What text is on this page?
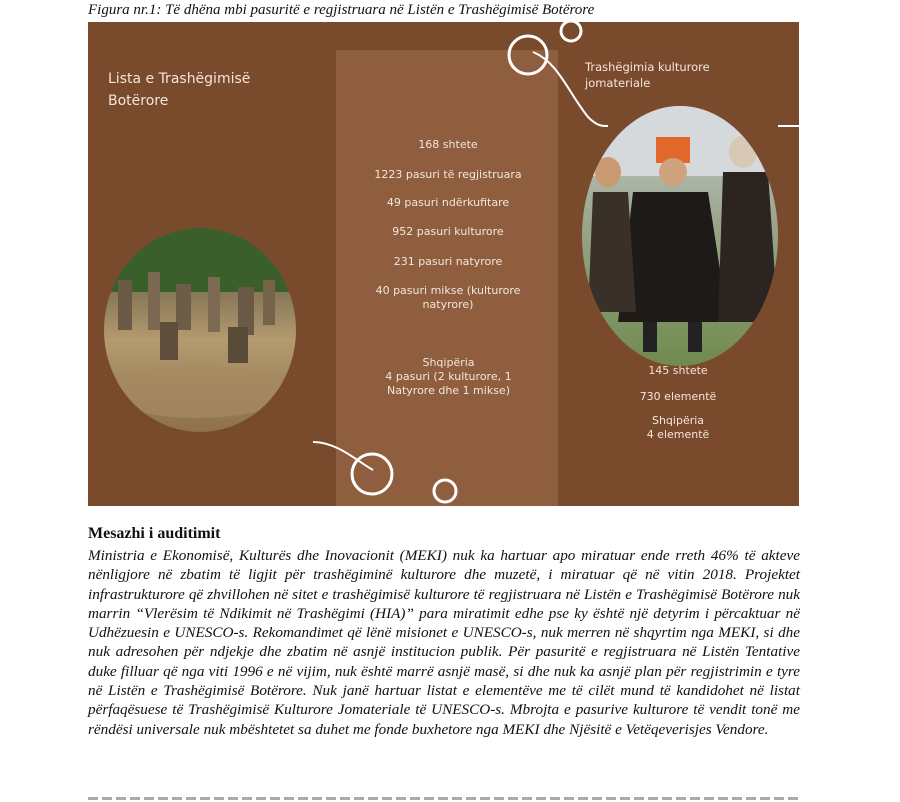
Figura nr.1: Të dhëna mbi pasuritë e regjistruara në Listën e Trashëgimisë Botërore
Lista e Trashëgimisë Botërore
Trashëgimia kulturore jomateriale
168 shtete
1223 pasuri të regjistruara
49 pasuri ndërkufitare
952 pasuri kulturore
231 pasuri natyrore
40 pasuri mikse (kulturore natyrore)
Shqipëria
4 pasuri (2 kulturore, 1 Natyrore dhe 1 mikse)
145 shtete
730 elementë
Shqipëria
4 elementë
Mesazhi i auditimit
Ministria e Ekonomisë, Kulturës dhe Inovacionit (MEKI) nuk ka hartuar apo miratuar ende rreth 46% të akteve nënligjore në zbatim të ligjit për trashëgiminë kulturore dhe muzetë, i miratuar që në vitin 2018. Projektet infrastrukturore që zhvillohen në sitet e trashëgimisë kulturore të regjistruara në Listën e Trashëgimisë Botërore nuk marrin “Vlerësim të Ndikimit në Trashëgimi (HIA)” para miratimit edhe pse ky është një detyrim i përcaktuar në Udhëzuesin e UNESCO-s. Rekomandimet që lënë misionet e UNESCO-s, nuk merren në shqyrtim nga MEKI, si dhe nuk adresohen për ndjekje dhe zbatim në asnjë institucion publik. Për pasuritë e regjistruara në Listën Tentative duke filluar që nga viti 1996 e në vijim, nuk është marrë asnjë masë, si dhe nuk ka asnjë plan për regjistrimin e tyre në Listën e Trashëgimisë Botërore. Nuk janë hartuar listat e elementëve me të cilët mund të kandidohet në listat përfaqësuese të Trashëgimisë Kulturore Jomateriale të UNESCO-s. Mbrojta e pasurive kulturore të vendit tonë me rëndësi universale nuk mbështetet sa duhet me fonde buxhetore nga MEKI dhe Njësitë e Vetëqeverisjes Vendore.
